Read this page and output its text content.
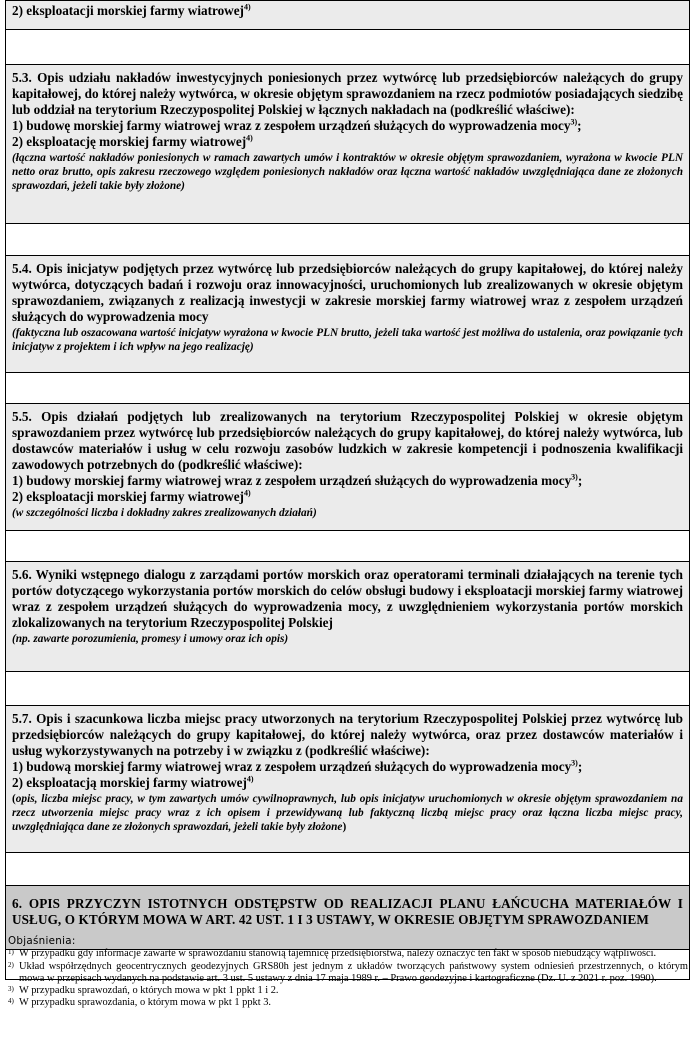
2) eksploatacji morskiej farmy wiatrowej$^{4)}$

5.3. Opis udziału nakładów inwestycyjnych poniesionych przez wytwórcę lub przedsiębiorców należących do grupy kapitałowej, do której należy wytwórca, w okresie objętym sprawozdaniem na rzecz podmiotów posiadających siedzibę lub oddział na terytorium Rzeczypospolitej Polskiej w łącznych nakładach na (podkreślić właściwe):

1) budowę morskiej farmy wiatrowej wraz z zespołem urządzeń służących do wyprowadzenia mocy$^{3)}$;

2) eksploatację morskiej farmy wiatrowej$^{4)}$

(łączna wartość nakładów poniesionych w ramach zawartych umów i kontraktów w okresie objętym sprawozdaniem, wyrażona w kwocie PLN netto oraz brutto, opis zakresu rzeczowego względem poniesionych nakładów oraz łączna wartość nakładów uwzględniająca dane ze złożonych sprawozdań, jeżeli takie były złożone)

5.4. Opis inicjatyw podjętych przez wytwórcę lub przedsiębiorców należących do grupy kapitałowej, do której należy wytwórca, dotyczących badań i rozwoju oraz innowacyjności, uruchomionych lub zrealizowanych w okresie objętym sprawozdaniem, związanych z realizacją inwestycji w zakresie morskiej farmy wiatrowej wraz z zespołem urządzeń służących do wyprowadzenia mocy

(faktyczna lub oszacowana wartość inicjatyw wyrażona w kwocie PLN brutto, jeżeli taka wartość jest możliwa do ustalenia, oraz powiązanie tych inicjatyw z projektem i ich wpływ na jego realizację)

5.5. Opis działań podjętych lub zrealizowanych na terytorium Rzeczypospolitej Polskiej w okresie objętym sprawozdaniem przez wytwórcę lub przedsiębiorców należących do grupy kapitałowej, do której należy wytwórca, lub dostawców materiałów i usług w celu rozwoju zasobów ludzkich w zakresie kompetencji i podnoszenia kwalifikacji zawodowych potrzebnych do (podkreślić właściwe):

1) budowy morskiej farmy wiatrowej wraz z zespołem urządzeń służących do wyprowadzenia mocy$^{3)}$;

2) eksploatacji morskiej farmy wiatrowej$^{4)}$

(w szczególności liczba i dokładny zakres zrealizowanych działań)

5.6. Wyniki wstępnego dialogu z zarządami portów morskich oraz operatorami terminali działających na terenie tych portów dotyczącego wykorzystania portów morskich do celów obsługi budowy i eksploatacji morskiej farmy wiatrowej wraz z zespołem urządzeń służących do wyprowadzenia mocy, z uwzględnieniem wykorzystania portów morskich zlokalizowanych na terytorium Rzeczypospolitej Polskiej

(np. zawarte porozumienia, promesy i umowy oraz ich opis)

5.7. Opis i szacunkowa liczba miejsc pracy utworzonych na terytorium Rzeczypospolitej Polskiej przez wytwórcę lub przedsiębiorców należących do grupy kapitałowej, do której należy wytwórca, oraz przez dostawców materiałów i usług wykorzystywanych na potrzeby i w związku z (podkreślić właściwe):

1) budową morskiej farmy wiatrowej wraz z zespołem urządzeń służących do wyprowadzenia mocy$^{3)}$;

2) eksploatacją morskiej farmy wiatrowej$^{4)}$

(opis, liczba miejsc pracy, w tym zawartych umów cywilnoprawnych, lub opis inicjatyw uruchomionych w okresie objętym sprawozdaniem na rzecz utworzenia miejsc pracy wraz z ich opisem i przewidywaną lub faktyczną liczbą miejsc pracy oraz łączna liczba miejsc pracy, uwzględniająca dane ze złożonych sprawozdań, jeżeli takie były złożone)
6. OPIS PRZYCZYN ISTOTNYCH ODSTĘPSTW OD REALIZACJI PLANU ŁAŃCUCHA MATERIAŁÓW I USŁUG, O KTÓRYM MOWA W ART. 42 UST. 1 I 3 USTAWY, W OKRESIE OBJĘTYM SPRAWOZDANIEM
Objaśnienia:
1) W przypadku gdy informacje zawarte w sprawozdaniu stanowią tajemnicę przedsiębiorstwa, należy oznaczyć ten fakt w sposób niebudzący wątpliwości.
2) Układ współrzędnych geocentrycznych geodezyjnych GRS80h jest jednym z układów tworzących państwowy system odniesień przestrzennych, o którym mowa w przepisach wydanych na podstawie art. 3 ust. 5 ustawy z dnia 17 maja 1989 r. – Prawo geodezyjne i kartograficzne (Dz. U. z 2021 r. poz. 1990).
3) W przypadku sprawozdań, o których mowa w pkt 1 ppkt 1 i 2.
4) W przypadku sprawozdania, o którym mowa w pkt 1 ppkt 3.
